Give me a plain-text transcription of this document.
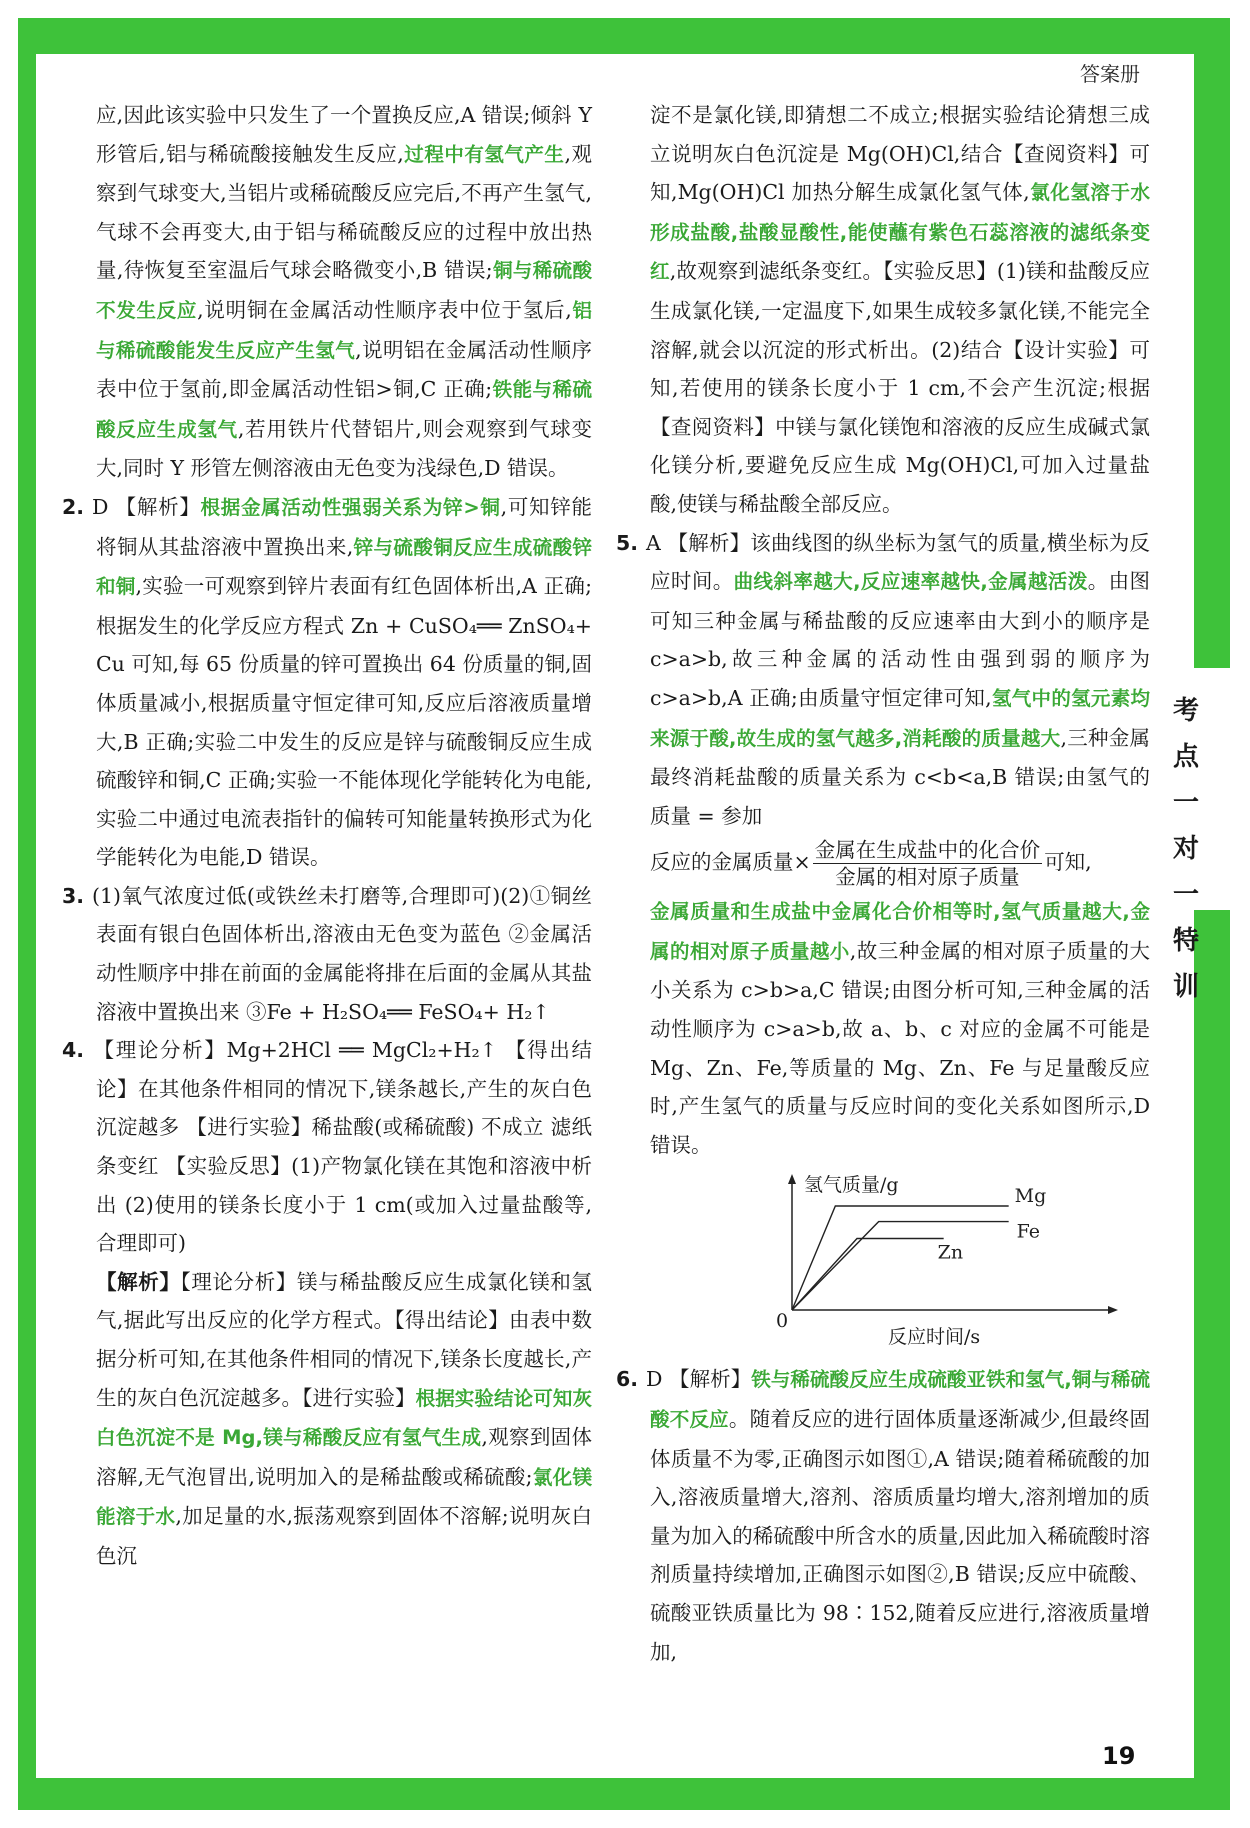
答案册
考
点
一
对
一
特
训
19

应,因此该实验中只发生了一个置换反应,A 错误;倾斜 Y 形管后,铝与稀硫酸接触发生反应,过程中有氢气产生,观察到气球变大,当铝片或稀硫酸反应完后,不再产生氢气,气球不会再变大,由于铝与稀硫酸反应的过程中放出热量,待恢复至室温后气球会略微变小,B 错误;铜与稀硫酸不发生反应,说明铜在金属活动性顺序表中位于氢后,铝与稀硫酸能发生反应产生氢气,说明铝在金属活动性顺序表中位于氢前,即金属活动性铝>铜,C 正确;铁能与稀硫酸反应生成氢气,若用铁片代替铝片,则会观察到气球变大,同时 Y 形管左侧溶液由无色变为浅绿色,D 错误。

2. D 【解析】根据金属活动性强弱关系为锌>铜,可知锌能将铜从其盐溶液中置换出来,锌与硫酸铜反应生成硫酸锌和铜,实验一可观察到锌片表面有红色固体析出,A 正确;根据发生的化学反应方程式 Zn + CuSO₄══ ZnSO₄+ Cu 可知,每 65 份质量的锌可置换出 64 份质量的铜,固体质量减小,根据质量守恒定律可知,反应后溶液质量增大,B 正确;实验二中发生的反应是锌与硫酸铜反应生成硫酸锌和铜,C 正确;实验一不能体现化学能转化为电能,实验二中通过电流表指针的偏转可知能量转换形式为化学能转化为电能,D 错误。

3. (1)氧气浓度过低(或铁丝未打磨等,合理即可)(2)①铜丝表面有银白色固体析出,溶液由无色变为蓝色 ②金属活动性顺序中排在前面的金属能将排在后面的金属从其盐溶液中置换出来 ③Fe + H₂SO₄══ FeSO₄+ H₂↑

4. 【理论分析】Mg+2HCl ══ MgCl₂+H₂↑ 【得出结论】在其他条件相同的情况下,镁条越长,产生的灰白色沉淀越多 【进行实验】稀盐酸(或稀硫酸) 不成立 滤纸条变红 【实验反思】(1)产物氯化镁在其饱和溶液中析出 (2)使用的镁条长度小于 1 cm(或加入过量盐酸等,合理即可)

【解析】【理论分析】镁与稀盐酸反应生成氯化镁和氢气,据此写出反应的化学方程式。【得出结论】由表中数据分析可知,在其他条件相同的情况下,镁条长度越长,产生的灰白色沉淀越多。【进行实验】根据实验结论可知灰白色沉淀不是 Mg,镁与稀酸反应有氢气生成,观察到固体溶解,无气泡冒出,说明加入的是稀盐酸或稀硫酸;氯化镁能溶于水,加足量的水,振荡观察到固体不溶解;说明灰白色沉

淀不是氯化镁,即猜想二不成立;根据实验结论猜想三成立说明灰白色沉淀是 Mg(OH)Cl,结合【查阅资料】可知,Mg(OH)Cl 加热分解生成氯化氢气体,氯化氢溶于水形成盐酸,盐酸显酸性,能使蘸有紫色石蕊溶液的滤纸条变红,故观察到滤纸条变红。【实验反思】(1)镁和盐酸反应生成氯化镁,一定温度下,如果生成较多氯化镁,不能完全溶解,就会以沉淀的形式析出。(2)结合【设计实验】可知,若使用的镁条长度小于 1 cm,不会产生沉淀;根据【查阅资料】中镁与氯化镁饱和溶液的反应生成碱式氯化镁分析,要避免反应生成 Mg(OH)Cl,可加入过量盐酸,使镁与稀盐酸全部反应。

5. A 【解析】该曲线图的纵坐标为氢气的质量,横坐标为反应时间。曲线斜率越大,反应速率越快,金属越活泼。由图可知三种金属与稀盐酸的反应速率由大到小的顺序是 c>a>b,故三种金属的活动性由强到弱的顺序为 c>a>b,A 正确;由质量守恒定律可知,氢气中的氢元素均来源于酸,故生成的氢气越多,消耗酸的质量越大,三种金属最终消耗盐酸的质量关系为 c<b<a,B 错误;由氢气的质量 = 参加

反应的金属质量× $\frac{\text{金属在生成盐中的化合价}}{\text{金属的相对原子质量}}$ 可知,

金属质量和生成盐中金属化合价相等时,氢气质量越大,金属的相对原子质量越小,故三种金属的相对原子质量的大小关系为 c>b>a,C 错误;由图分析可知,三种金属的活动性顺序为 c>a>b,故 a、b、c 对应的金属不可能是 Mg、Zn、Fe,等质量的 Mg、Zn、Fe 与足量酸反应时,产生氢气的质量与反应时间的变化关系如图所示,D 错误。

Mg
Fe
Zn
氢气质量/g
0
反应时间/s

6. D 【解析】铁与稀硫酸反应生成硫酸亚铁和氢气,铜与稀硫酸不反应。随着反应的进行固体质量逐渐减少,但最终固体质量不为零,正确图示如图①,A 错误;随着稀硫酸的加入,溶液质量增大,溶剂、溶质质量均增大,溶剂增加的质量为加入的稀硫酸中所含水的质量,因此加入稀硫酸时溶剂质量持续增加,正确图示如图②,B 错误;反应中硫酸、硫酸亚铁质量比为 98∶152,随着反应进行,溶液质量增加,
